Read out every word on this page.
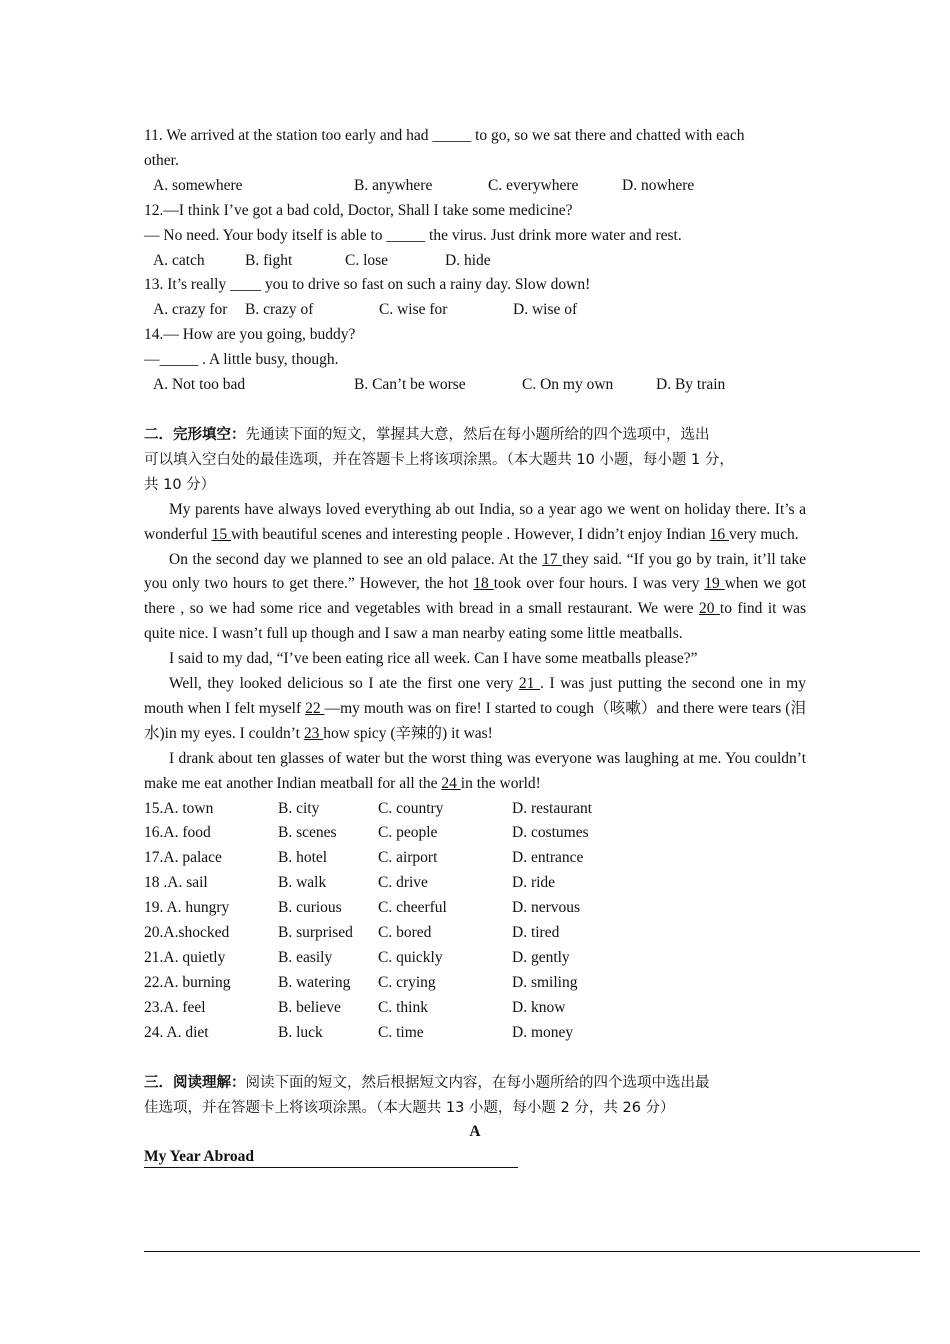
11. We arrived at the station too early and had _____ to go, so we sat there and chatted with each
other.
A. somewhere	B. anywhere	C. everywhere	D. nowhere
12.—I think I’ve got a bad cold, Doctor, Shall I take some medicine?
— No need. Your body itself is able to _____ the virus. Just drink more water and rest.
A. catch	B. fight	C. lose	D. hide
13. It’s really ____ you to drive so fast on such a rainy day. Slow down!
A. crazy for B. crazy of	C. wise for	D. wise of
14.— How are you going, buddy?
—_____ . A little busy, though.
A. Not too bad	B. Can’t be worse	C. On my own	D. By train
二．完形填空：先通读下面的短文，掌握其大意，然后在每小题所给的四个选项中，选出
可以填入空白处的最佳选项，并在答题卡上将该项涂黑。（本大题共 10 小题，每小题 1 分，
共 10 分）
My parents have always loved everything ab out India, so a year ago we went on holiday there. It’s a wonderful 15 with beautiful scenes and interesting people . However, I didn’t enjoy Indian 16 very much.
On the second day we planned to see an old palace. At the 17 they said. “If you go by train, it’ll take you only two hours to get there.” However, the hot 18 took over four hours. I was very 19 when we got there , so we had some rice and vegetables with bread in a small restaurant. We were 20 to find it was quite nice. I wasn’t full up though and I saw a man nearby eating some little meatballs.
I said to my dad, “I’ve been eating rice all week. Can I have some meatballs please?”
Well, they looked delicious so I ate the first one very 21 . I was just putting the second one in my mouth when I felt myself 22 —my mouth was on fire! I started to cough（咳嗽）and there were tears (泪水)in my eyes. I couldn’t 23 how spicy (辛辣的) it was!
I drank about ten glasses of water but the worst thing was everyone was laughing at me. You couldn’t make me eat another Indian meatball for all the 24 in the world!
15.A. town	B. city	C. country	D. restaurant
16.A. food	B. scenes	C. people	D. costumes
17.A. palace	B. hotel	C. airport	D. entrance
18 .A. sail	B. walk	C. drive	D. ride
19. A. hungry	B. curious	C. cheerful	D. nervous
20.A.shocked	B. surprised	C. bored	D. tired
21.A. quietly	B. easily	C. quickly	D. gently
22.A. burning	B. watering	C. crying	D. smiling
23.A. feel	B. believe	C. think	D. know
24. A. diet	B. luck	C. time	D. money
三．阅读理解：阅读下面的短文，然后根据短文内容，在每小题所给的四个选项中选出最
佳选项，并在答题卡上将该项涂黑。（本大题共 13 小题，每小题 2 分，共 26 分）
A
My Year Abroad
